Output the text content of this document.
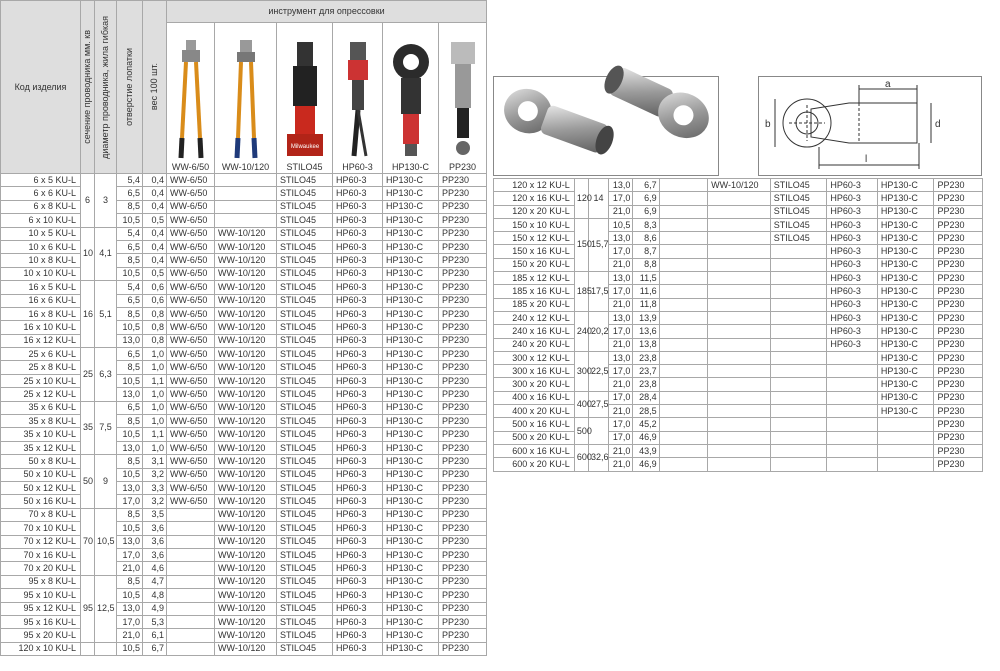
Код изделия	сечение проводника мм. кв	диаметр проводника, жила гибкая	отверстие лопатки	вес 100 шт.	инструмент для опрессовки					

					WW-6/50	WW-10/120	Milwaukee
STILO45	HP60-3	HP130-C	PP230

6 x 5 KU-L	6	3	5,4	0,4	WW-6/50		STILO45	HP60-3	HP130-C	PP230
6 x 6 KU-L			6,5	0,4	WW-6/50		STILO45	HP60-3	HP130-C	PP230
6 x 8 KU-L			8,5	0,4	WW-6/50		STILO45	HP60-3	HP130-C	PP230
6 x 10 KU-L			10,5	0,5	WW-6/50		STILO45	HP60-3	HP130-C	PP230
10 x 5 KU-L	10	4,1	5,4	0,4	WW-6/50	WW-10/120	STILO45	HP60-3	HP130-C	PP230
10 x 6 KU-L			6,5	0,4	WW-6/50	WW-10/120	STILO45	HP60-3	HP130-C	PP230
10 x 8 KU-L			8,5	0,4	WW-6/50	WW-10/120	STILO45	HP60-3	HP130-C	PP230
10 x 10 KU-L			10,5	0,5	WW-6/50	WW-10/120	STILO45	HP60-3	HP130-C	PP230
16 x 5 KU-L	16	5,1	5,4	0,6	WW-6/50	WW-10/120	STILO45	HP60-3	HP130-C	PP230
16 x 6 KU-L			6,5	0,6	WW-6/50	WW-10/120	STILO45	HP60-3	HP130-C	PP230
16 x 8 KU-L			8,5	0,8	WW-6/50	WW-10/120	STILO45	HP60-3	HP130-C	PP230
16 x 10 KU-L			10,5	0,8	WW-6/50	WW-10/120	STILO45	HP60-3	HP130-C	PP230
16 x 12 KU-L			13,0	0,8	WW-6/50	WW-10/120	STILO45	HP60-3	HP130-C	PP230
25 x 6 KU-L	25	6,3	6,5	1,0	WW-6/50	WW-10/120	STILO45	HP60-3	HP130-C	PP230
25 x 8 KU-L			8,5	1,0	WW-6/50	WW-10/120	STILO45	HP60-3	HP130-C	PP230
25 x 10 KU-L			10,5	1,1	WW-6/50	WW-10/120	STILO45	HP60-3	HP130-C	PP230
25 x 12 KU-L			13,0	1,0	WW-6/50	WW-10/120	STILO45	HP60-3	HP130-C	PP230
35 x 6 KU-L	35	7,5	6,5	1,0	WW-6/50	WW-10/120	STILO45	HP60-3	HP130-C	PP230
35 x 8 KU-L			8,5	1,0	WW-6/50	WW-10/120	STILO45	HP60-3	HP130-C	PP230
35 x 10 KU-L			10,5	1,1	WW-6/50	WW-10/120	STILO45	HP60-3	HP130-C	PP230
35 x 12 KU-L			13,0	1,0	WW-6/50	WW-10/120	STILO45	HP60-3	HP130-C	PP230
50 x 8 KU-L	50	9	8,5	3,1	WW-6/50	WW-10/120	STILO45	HP60-3	HP130-C	PP230
50 x 10 KU-L			10,5	3,2	WW-6/50	WW-10/120	STILO45	HP60-3	HP130-C	PP230
50 x 12 KU-L			13,0	3,3	WW-6/50	WW-10/120	STILO45	HP60-3	HP130-C	PP230
50 x 16 KU-L			17,0	3,2	WW-6/50	WW-10/120	STILO45	HP60-3	HP130-C	PP230
70 x 8 KU-L	70	10,5	8,5	3,5		WW-10/120	STILO45	HP60-3	HP130-C	PP230
70 x 10 KU-L			10,5	3,6		WW-10/120	STILO45	HP60-3	HP130-C	PP230
70 x 12 KU-L			13,0	3,6		WW-10/120	STILO45	HP60-3	HP130-C	PP230
70 x 16 KU-L			17,0	3,6		WW-10/120	STILO45	HP60-3	HP130-C	PP230
70 x 20 KU-L			21,0	4,6		WW-10/120	STILO45	HP60-3	HP130-C	PP230
95 x 8 KU-L	95	12,5	8,5	4,7		WW-10/120	STILO45	HP60-3	HP130-C	PP230
95 x 10 KU-L			10,5	4,8		WW-10/120	STILO45	HP60-3	HP130-C	PP230
95 x 12 KU-L			13,0	4,9		WW-10/120	STILO45	HP60-3	HP130-C	PP230
95 x 16 KU-L			17,0	5,3		WW-10/120	STILO45	HP60-3	HP130-C	PP230
95 x 20 KU-L			21,0	6,1		WW-10/120	STILO45	HP60-3	HP130-C	PP230
120 x 10 KU-L			10,5	6,7		WW-10/120	STILO45	HP60-3	HP130-C	PP230
a
b	d
l
120 x 12 KU-L	120	14	13,0	6,7		WW-10/120	STILO45	HP60-3	HP130-C	PP230
120 x 16 KU-L			17,0	6,9			STILO45	HP60-3	HP130-C	PP230
120 x 20 KU-L			21,0	6,9			STILO45	HP60-3	HP130-C	PP230
150 x 10 KU-L	150	15,7	10,5	8,3			STILO45	HP60-3	HP130-C	PP230
150 x 12 KU-L			13,0	8,6			STILO45	HP60-3	HP130-C	PP230
150 x 16 KU-L			17,0	8,7				HP60-3	HP130-C	PP230
150 x 20 KU-L			21,0	8,8				HP60-3	HP130-C	PP230
185 x 12 KU-L	185	17,5	13,0	11,5				HP60-3	HP130-C	PP230
185 x 16 KU-L			17,0	11,6				HP60-3	HP130-C	PP230
185 x 20 KU-L			21,0	11,8				HP60-3	HP130-C	PP230
240 x 12 KU-L	240	20,2	13,0	13,9				HP60-3	HP130-C	PP230
240 x 16 KU-L			17,0	13,6				HP60-3	HP130-C	PP230
240 x 20 KU-L			21,0	13,8				HP60-3	HP130-C	PP230
300 x 12 KU-L	300	22,5	13,0	23,8					HP130-C	PP230
300 x 16 KU-L			17,0	23,7					HP130-C	PP230
300 x 20 KU-L			21,0	23,8					HP130-C	PP230
400 x 16 KU-L	400	27,5	17,0	28,4					HP130-C	PP230
400 x 20 KU-L			21,0	28,5					HP130-C	PP230
500 x 16 KU-L	500		17,0	45,2						PP230
500 x 20 KU-L			17,0	46,9						PP230
600 x 16 KU-L	600	32,6	21,0	43,9						PP230
600 x 20 KU-L			21,0	46,9						PP230
